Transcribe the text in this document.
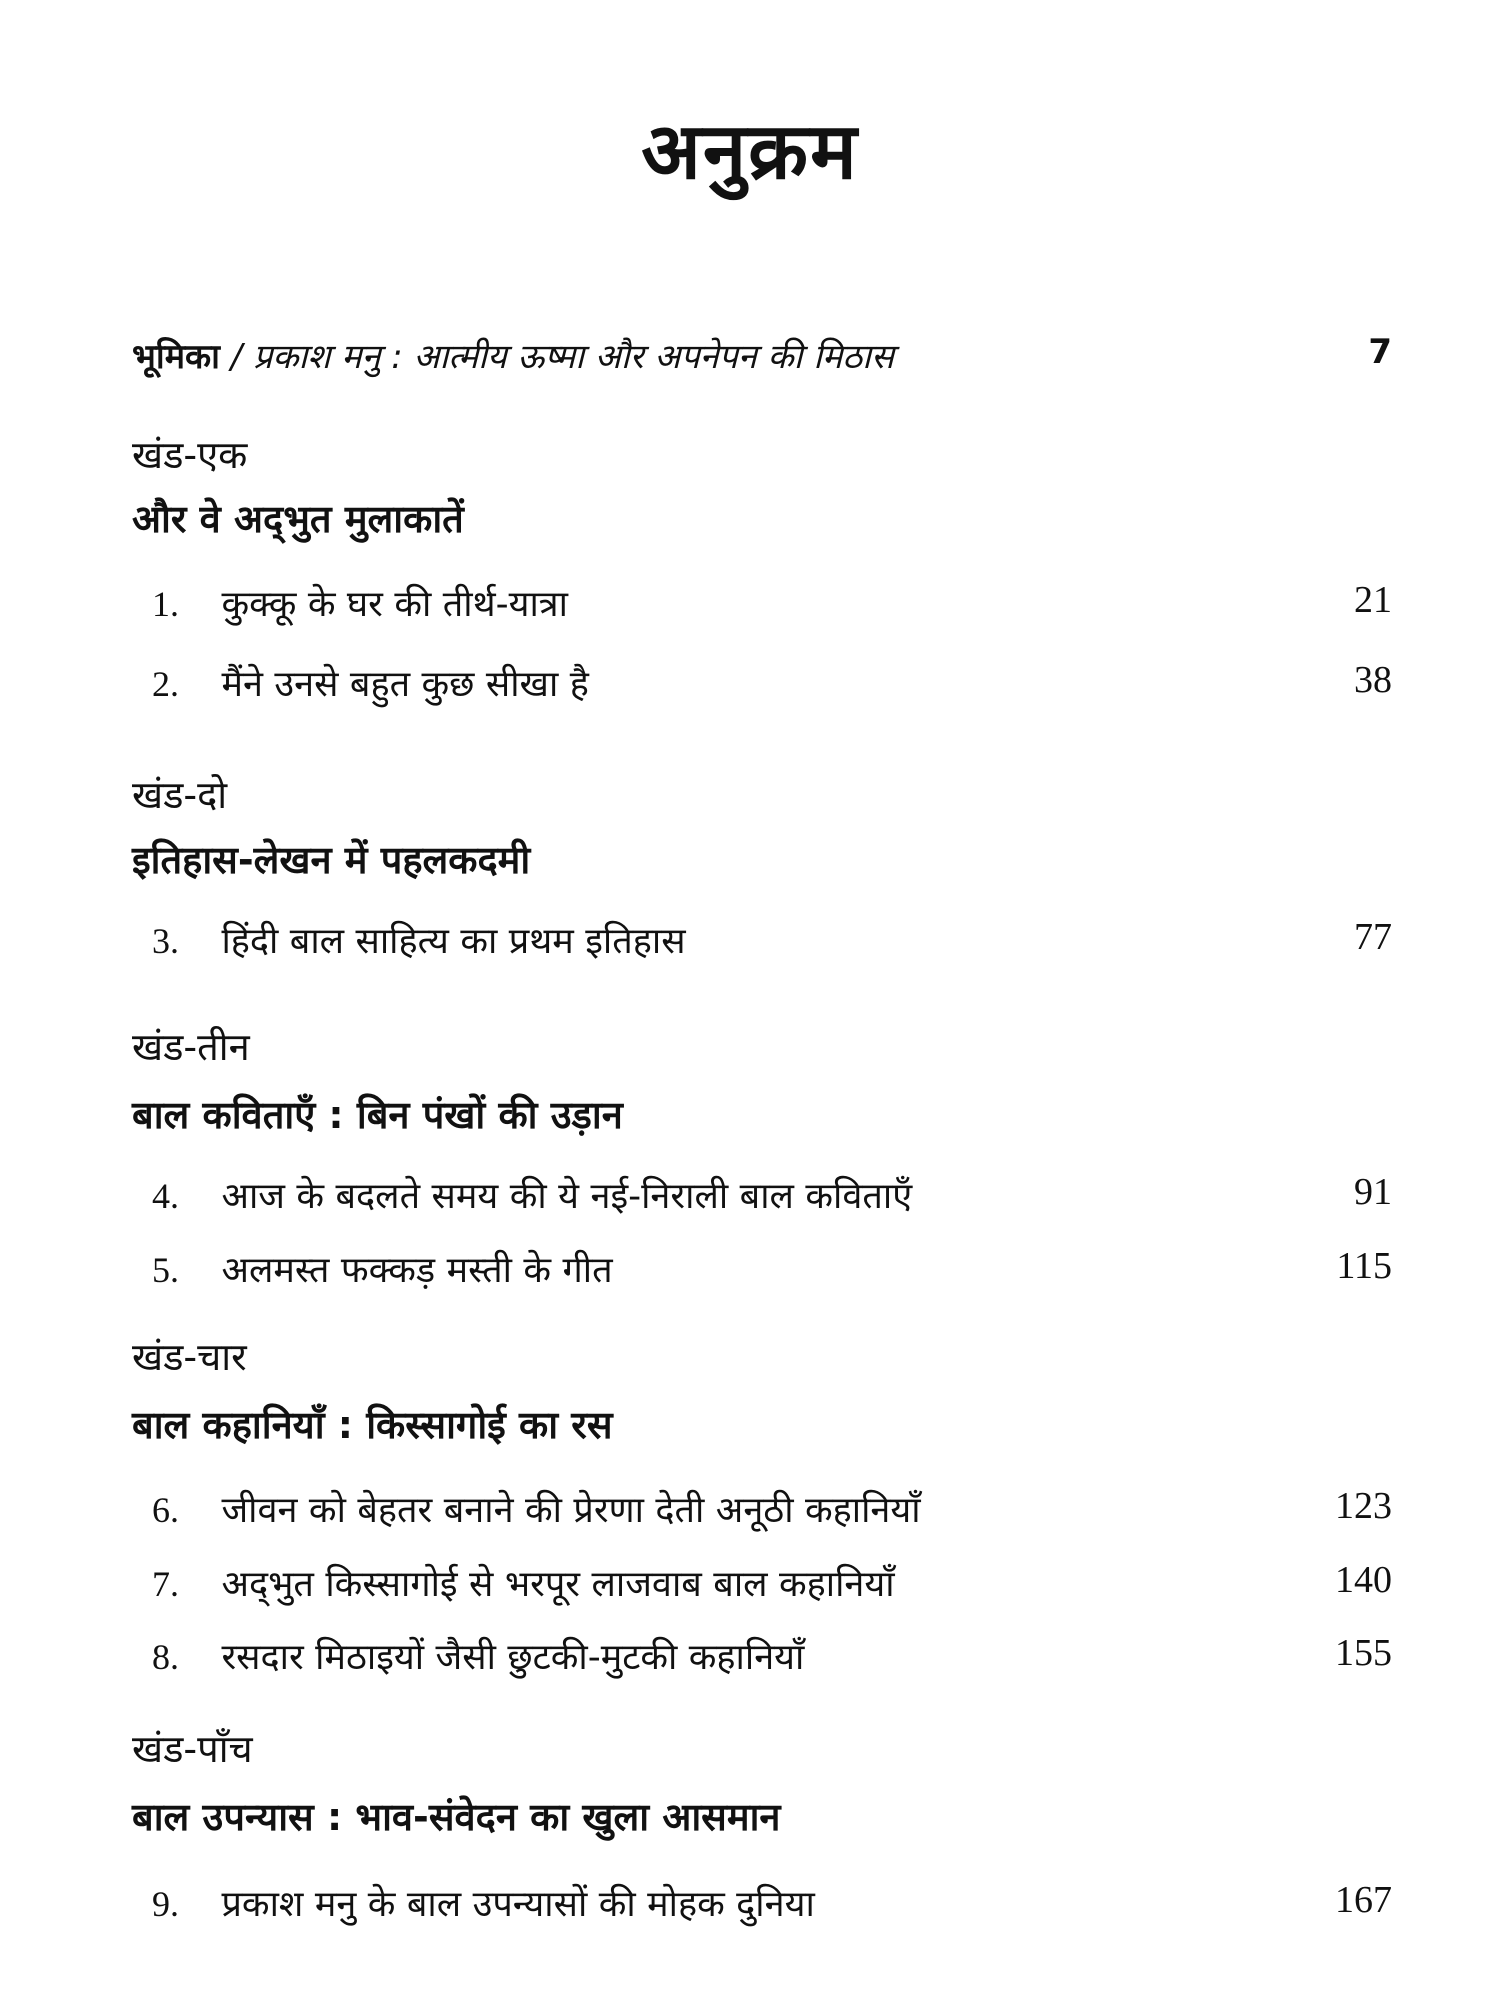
अनुक्रम
भूमिका / प्रकाश मनु : आत्मीय ऊष्मा और अपनेपन की मिठास	7
खंड-एक
और वे अद्‌भुत मुलाकातें
1. कुक्कू के घर की तीर्थ-यात्रा	21
2. मैंने उनसे बहुत कुछ सीखा है	38
खंड-दो
इतिहास-लेखन में पहलकदमी
3. हिंदी बाल साहित्य का प्रथम इतिहास	77
खंड-तीन
बाल कविताएँ : बिन पंखों की उड़ान
4. आज के बदलते समय की ये नई-निराली बाल कविताएँ	91
5. अलमस्त फक्कड़ मस्ती के गीत	115
खंड-चार
बाल कहानियाँ : किस्सागोई का रस
6. जीवन को बेहतर बनाने की प्रेरणा देती अनूठी कहानियाँ	123
7. अद्‌भुत किस्सागोई से भरपूर लाजवाब बाल कहानियाँ	140
8. रसदार मिठाइयों जैसी छुटकी-मुटकी कहानियाँ	155
खंड-पाँच
बाल उपन्यास : भाव-संवेदन का खुला आसमान
9. प्रकाश मनु के बाल उपन्यासों की मोहक दुनिया	167
